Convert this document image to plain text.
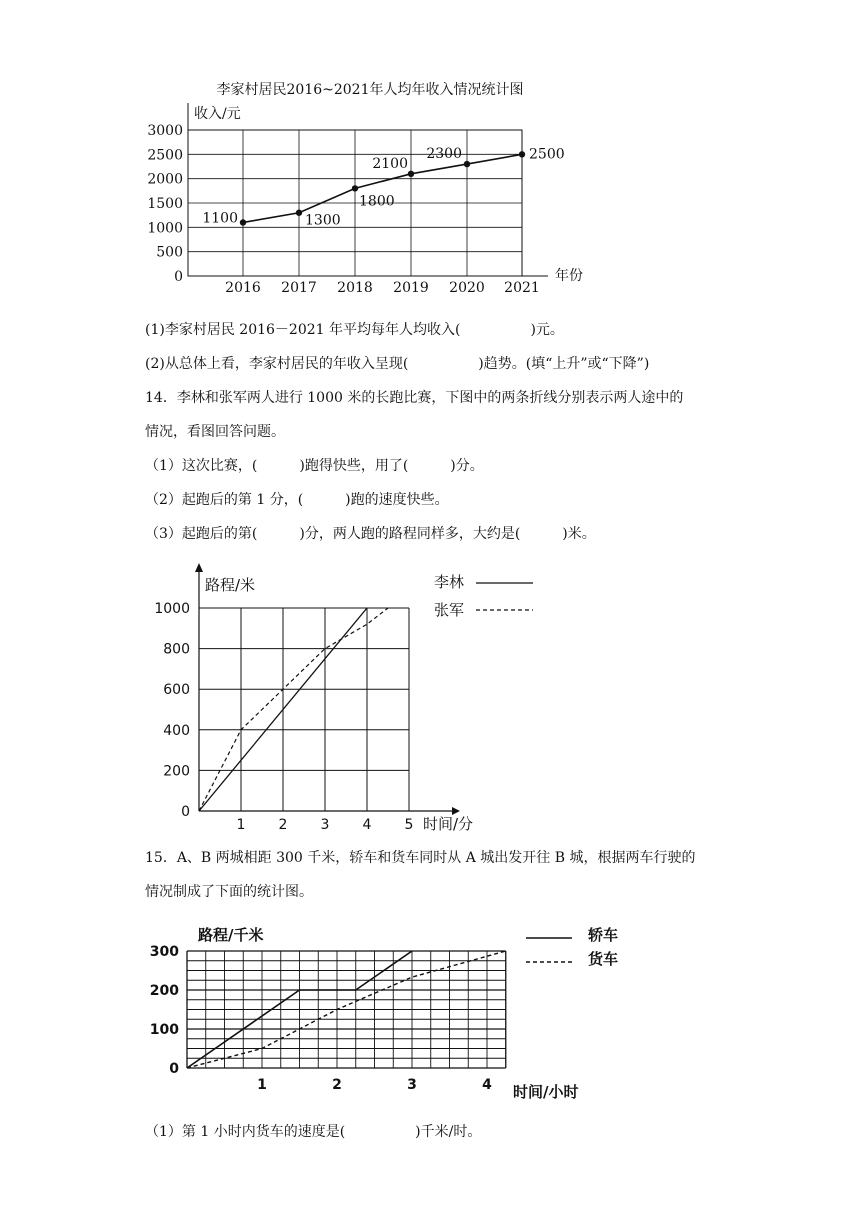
李家村居民2016~2021年人均年收入情况统计图
收入/元
3000
2500
2000
1500
1000
500
0
2016 2017 2018 2019 2020 2021
1100	1300
1800
2100
2300	2500
年份
(1)李家村居民 2016－2021 年平均每年人均收入(　　　　　)元。
(2)从总体上看，李家村居民的年收入呈现(　　　　　)趋势。(填“上升”或“下降”)
14．李林和张军两人进行 1000 米的长跑比赛，下图中的两条折线分别表示两人途中的
情况，看图回答问题。
（1）这次比赛，(　　　)跑得快些，用了(　　　)分。
（2）起跑后的第 1 分，(　　　)跑的速度快些。
（3）起跑后的第(　　　)分，两人跑的路程同样多，大约是(　　　)米。
路程/米
时间/分
1000
800
600
400
200
0
1 2 3 4 5
李林
张军
15．A、B 两城相距 300 千米，轿车和货车同时从 A 城出发开往 B 城，根据两车行驶的
情况制成了下面的统计图。
路程/千米
300
200
100
0
1	2	3	4 时间/小时
轿车
货车
（1）第 1 小时内货车的速度是(　　　　　)千米/时。
